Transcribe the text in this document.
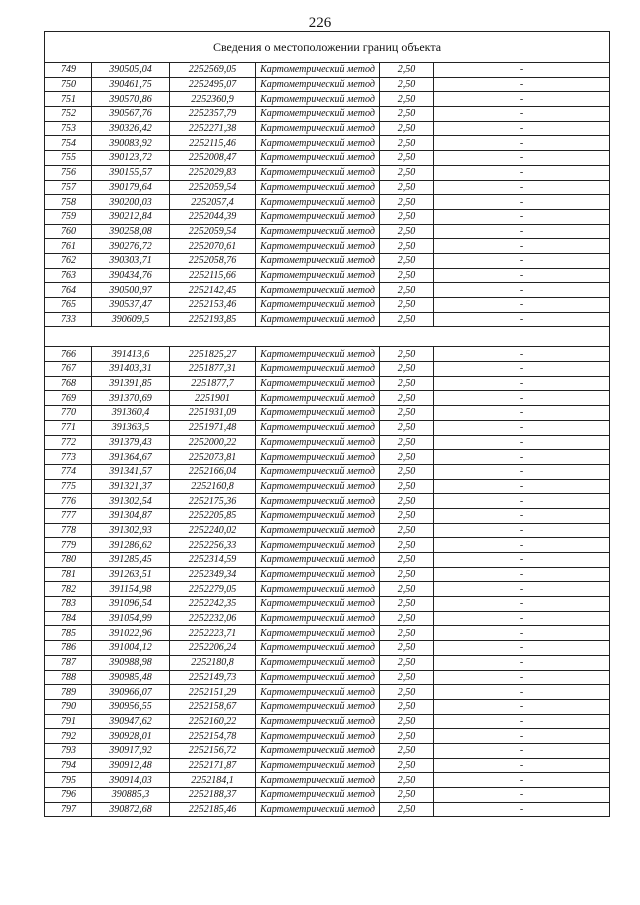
226
Сведения о местоположении границ объекта					
749	390505,04	2252569,05	Картометрический метод	2,50	-
750	390461,75	2252495,07	Картометрический метод	2,50	-
751	390570,86	2252360,9	Картометрический метод	2,50	-
752	390567,76	2252357,79	Картометрический метод	2,50	-
753	390326,42	2252271,38	Картометрический метод	2,50	-
754	390083,92	2252115,46	Картометрический метод	2,50	-
755	390123,72	2252008,47	Картометрический метод	2,50	-
756	390155,57	2252029,83	Картометрический метод	2,50	-
757	390179,64	2252059,54	Картометрический метод	2,50	-
758	390200,03	2252057,4	Картометрический метод	2,50	-
759	390212,84	2252044,39	Картометрический метод	2,50	-
760	390258,08	2252059,54	Картометрический метод	2,50	-
761	390276,72	2252070,61	Картометрический метод	2,50	-
762	390303,71	2252058,76	Картометрический метод	2,50	-
763	390434,76	2252115,66	Картометрический метод	2,50	-
764	390500,97	2252142,45	Картометрический метод	2,50	-
765	390537,47	2252153,46	Картометрический метод	2,50	-
733	390609,5	2252193,85	Картометрический метод	2,50	-

766	391413,6	2251825,27	Картометрический метод	2,50	-
767	391403,31	2251877,31	Картометрический метод	2,50	-
768	391391,85	2251877,7	Картометрический метод	2,50	-
769	391370,69	2251901	Картометрический метод	2,50	-
770	391360,4	2251931,09	Картометрический метод	2,50	-
771	391363,5	2251971,48	Картометрический метод	2,50	-
772	391379,43	2252000,22	Картометрический метод	2,50	-
773	391364,67	2252073,81	Картометрический метод	2,50	-
774	391341,57	2252166,04	Картометрический метод	2,50	-
775	391321,37	2252160,8	Картометрический метод	2,50	-
776	391302,54	2252175,36	Картометрический метод	2,50	-
777	391304,87	2252205,85	Картометрический метод	2,50	-
778	391302,93	2252240,02	Картометрический метод	2,50	-
779	391286,62	2252256,33	Картометрический метод	2,50	-
780	391285,45	2252314,59	Картометрический метод	2,50	-
781	391263,51	2252349,34	Картометрический метод	2,50	-
782	391154,98	2252279,05	Картометрический метод	2,50	-
783	391096,54	2252242,35	Картометрический метод	2,50	-
784	391054,99	2252232,06	Картометрический метод	2,50	-
785	391022,96	2252223,71	Картометрический метод	2,50	-
786	391004,12	2252206,24	Картометрический метод	2,50	-
787	390988,98	2252180,8	Картометрический метод	2,50	-
788	390985,48	2252149,73	Картометрический метод	2,50	-
789	390966,07	2252151,29	Картометрический метод	2,50	-
790	390956,55	2252158,67	Картометрический метод	2,50	-
791	390947,62	2252160,22	Картометрический метод	2,50	-
792	390928,01	2252154,78	Картометрический метод	2,50	-
793	390917,92	2252156,72	Картометрический метод	2,50	-
794	390912,48	2252171,87	Картометрический метод	2,50	-
795	390914,03	2252184,1	Картометрический метод	2,50	-
796	390885,3	2252188,37	Картометрический метод	2,50	-
797	390872,68	2252185,46	Картометрический метод	2,50	-
